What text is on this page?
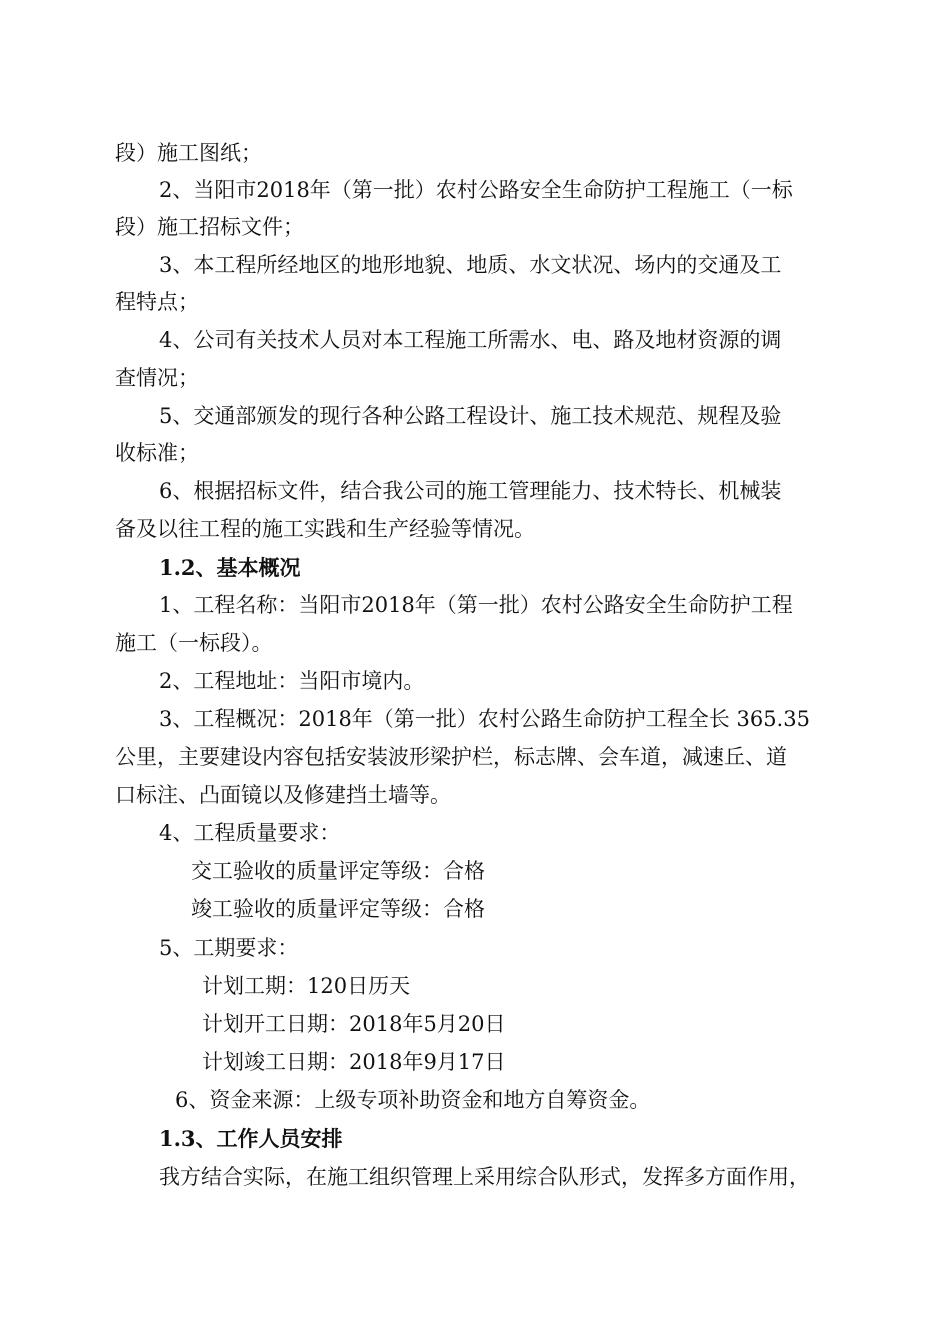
段）施工图纸；
2、当阳市2018年（第一批）农村公路安全生命防护工程施工（一标
段）施工招标文件；
3、本工程所经地区的地形地貌、地质、水文状况、场内的交通及工
程特点；
4、公司有关技术人员对本工程施工所需水、电、路及地材资源的调
查情况；
5、交通部颁发的现行各种公路工程设计、施工技术规范、规程及验
收标准；
6、根据招标文件，结合我公司的施工管理能力、技术特长、机械装
备及以往工程的施工实践和生产经验等情况。
1.2、基本概况
1、工程名称：当阳市2018年（第一批）农村公路安全生命防护工程
施工（一标段）。
2、工程地址：当阳市境内。
3、工程概况：2018年（第一批）农村公路生命防护工程全长 365.35
公里，主要建设内容包括安装波形梁护栏，标志牌、会车道，减速丘、道
口标注、凸面镜以及修建挡土墙等。
4、工程质量要求：
交工验收的质量评定等级：合格
竣工验收的质量评定等级：合格
5、工期要求：
计划工期：120日历天
计划开工日期：2018年5月20日
计划竣工日期：2018年9月17日
6、资金来源：上级专项补助资金和地方自筹资金。
1.3、工作人员安排
我方结合实际，在施工组织管理上采用综合队形式，发挥多方面作用，
